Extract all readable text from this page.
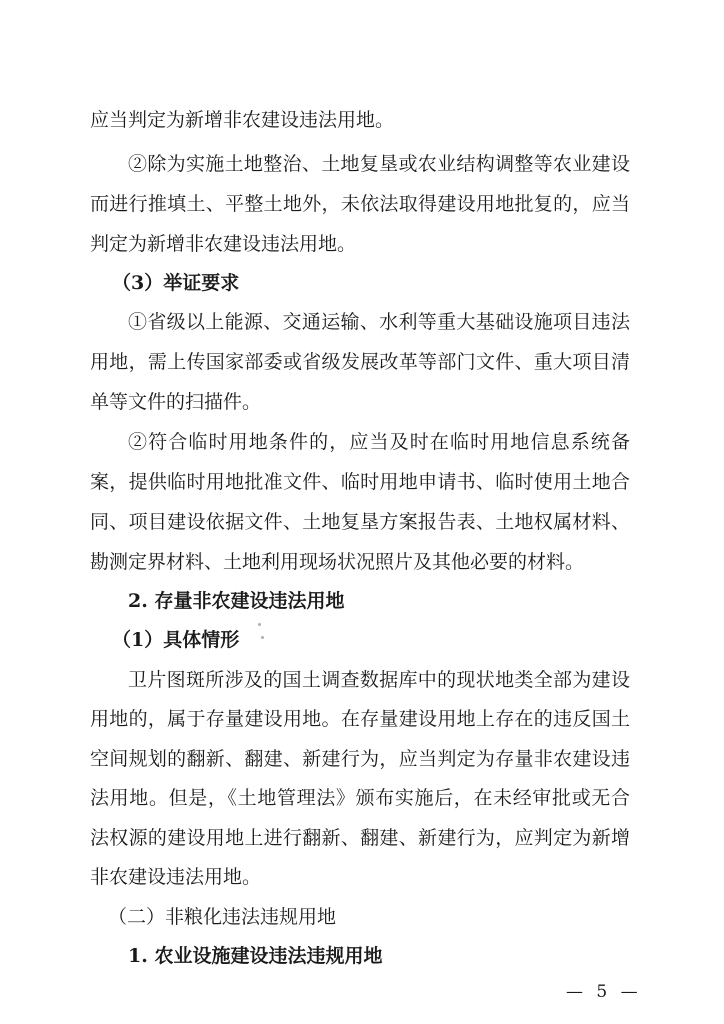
应当判定为新增非农建设违法用地。
②除为实施土地整治、土地复垦或农业结构调整等农业建设
而进行推填土、平整土地外，未依法取得建设用地批复的，应当
判定为新增非农建设违法用地。
（3）举证要求
①省级以上能源、交通运输、水利等重大基础设施项目违法
用地，需上传国家部委或省级发展改革等部门文件、重大项目清
单等文件的扫描件。
②符合临时用地条件的，应当及时在临时用地信息系统备
案，提供临时用地批准文件、临时用地申请书、临时使用土地合
同、项目建设依据文件、土地复垦方案报告表、土地权属材料、
勘测定界材料、土地利用现场状况照片及其他必要的材料。
2. 存量非农建设违法用地
（1）具体情形
卫片图斑所涉及的国土调查数据库中的现状地类全部为建设
用地的，属于存量建设用地。在存量建设用地上存在的违反国土
空间规划的翻新、翻建、新建行为，应当判定为存量非农建设违
法用地。但是，《土地管理法》颁布实施后，在未经审批或无合
法权源的建设用地上进行翻新、翻建、新建行为，应判定为新增
非农建设违法用地。
（二）非粮化违法违规用地
1. 农业设施建设违法违规用地
— 5 —
